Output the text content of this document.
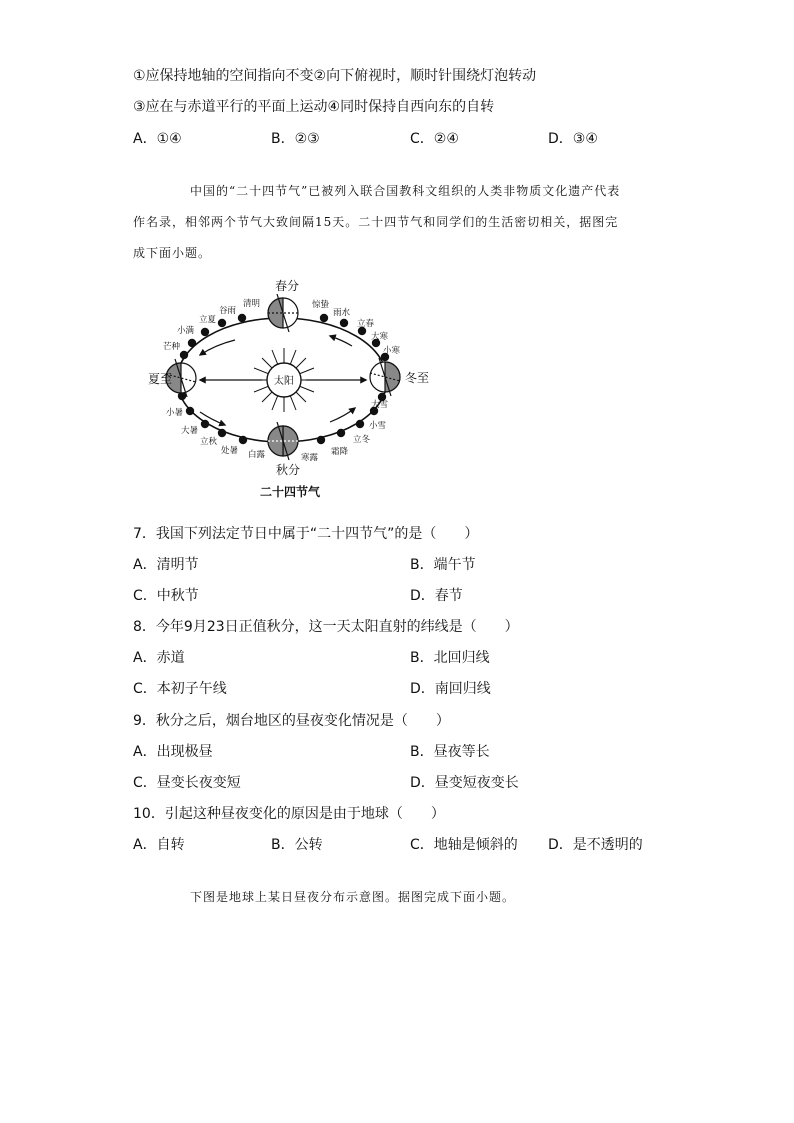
①应保持地轴的空间指向不变②向下俯视时，顺时针围绕灯泡转动
③应在与赤道平行的平面上运动④同时保持自西向东的自转
A．①④	B．②③	C．②④	D．③④
中国的“二十四节气”已被列入联合国教科文组织的人类非物质文化遗产代表
作名录，相邻两个节气大致间隔15天。二十四节气和同学们的生活密切相关，据图完
成下面小题。
太阳
春分
夏至
秋分
冬至
清明
谷雨
立夏
小满
芒种
小暑
大暑
立秋
处暑 白露	寒露
霜降
立冬
小雪
大雪
小寒
大寒
立春
雨水
惊蛰
二十四节气
7．我国下列法定节日中属于“二十四节气”的是（　　）
A．清明节	B．端午节
C．中秋节	D．春节
8．今年9月23日正值秋分，这一天太阳直射的纬线是（　　）
A．赤道	B．北回归线
C．本初子午线	D．南回归线
9．秋分之后，烟台地区的昼夜变化情况是（　　）
A．出现极昼	B．昼夜等长
C．昼变长夜变短	D．昼变短夜变长
10．引起这种昼夜变化的原因是由于地球（　　）
A．自转	B．公转	C．地轴是倾斜的 D．是不透明的
下图是地球上某日昼夜分布示意图。据图完成下面小题。
